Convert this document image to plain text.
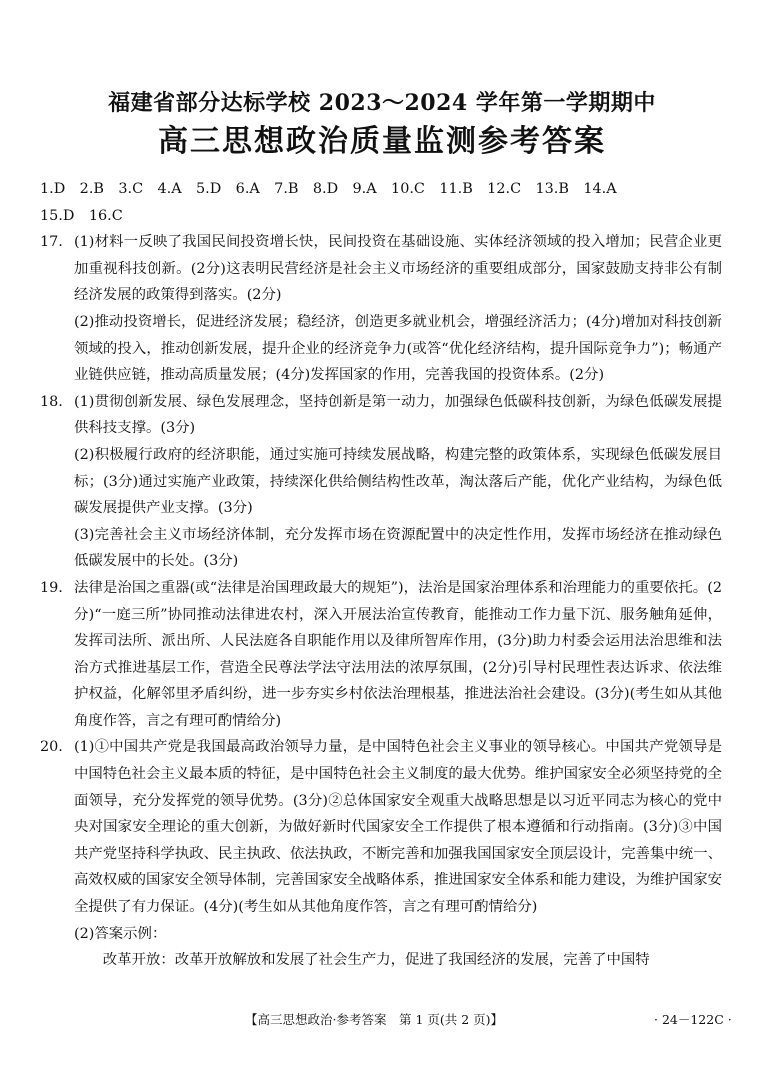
福建省部分达标学校 2023～2024 学年第一学期期中
高三思想政治质量监测参考答案

1.D　2.B　3.C　4.A　5.D　6.A　7.B　8.D　9.A　10.C　11.B　12.C　13.B　14.A

15.D　16.C

17. (1)材料一反映了我国民间投资增长快，民间投资在基础设施、实体经济领域的投入增加；民营企业更加重视科技创新。(2分)这表明民营经济是社会主义市场经济的重要组成部分，国家鼓励支持非公有制经济发展的政策得到落实。(2分)

(2)推动投资增长，促进经济发展；稳经济，创造更多就业机会，增强经济活力；(4分)增加对科技创新领域的投入，推动创新发展，提升企业的经济竞争力(或答“优化经济结构，提升国际竞争力”)；畅通产业链供应链，推动高质量发展；(4分)发挥国家的作用，完善我国的投资体系。(2分)

18. (1)贯彻创新发展、绿色发展理念，坚持创新是第一动力，加强绿色低碳科技创新，为绿色低碳发展提供科技支撑。(3分)

(2)积极履行政府的经济职能，通过实施可持续发展战略，构建完整的政策体系，实现绿色低碳发展目标；(3分)通过实施产业政策，持续深化供给侧结构性改革，淘汰落后产能，优化产业结构，为绿色低碳发展提供产业支撑。(3分)

(3)完善社会主义市场经济体制，充分发挥市场在资源配置中的决定性作用，发挥市场经济在推动绿色低碳发展中的长处。(3分)

19. 法律是治国之重器(或“法律是治国理政最大的规矩”)，法治是国家治理体系和治理能力的重要依托。(2分)“一庭三所”协同推动法律进农村，深入开展法治宣传教育，能推动工作力量下沉、服务触角延伸，发挥司法所、派出所、人民法庭各自职能作用以及律所智库作用，(3分)助力村委会运用法治思维和法治方式推进基层工作，营造全民尊法学法守法用法的浓厚氛围，(2分)引导村民理性表达诉求、依法维护权益，化解邻里矛盾纠纷，进一步夯实乡村依法治理根基，推进法治社会建设。(3分)(考生如从其他角度作答，言之有理可酌情给分)

20. (1)①中国共产党是我国最高政治领导力量，是中国特色社会主义事业的领导核心。中国共产党领导是中国特色社会主义最本质的特征，是中国特色社会主义制度的最大优势。维护国家安全必须坚持党的全面领导，充分发挥党的领导优势。(3分)②总体国家安全观重大战略思想是以习近平同志为核心的党中央对国家安全理论的重大创新，为做好新时代国家安全工作提供了根本遵循和行动指南。(3分)③中国共产党坚持科学执政、民主执政、依法执政，不断完善和加强我国国家安全顶层设计，完善集中统一、高效权威的国家安全领导体制，完善国家安全战略体系，推进国家安全体系和能力建设，为维护国家安全提供了有力保证。(4分)(考生如从其他角度作答，言之有理可酌情给分)

(2)答案示例：

改革开放：改革开放解放和发展了社会生产力，促进了我国经济的发展，完善了中国特

【高三思想政治·参考答案　第 1 页(共 2 页)】	· 24－122C ·
